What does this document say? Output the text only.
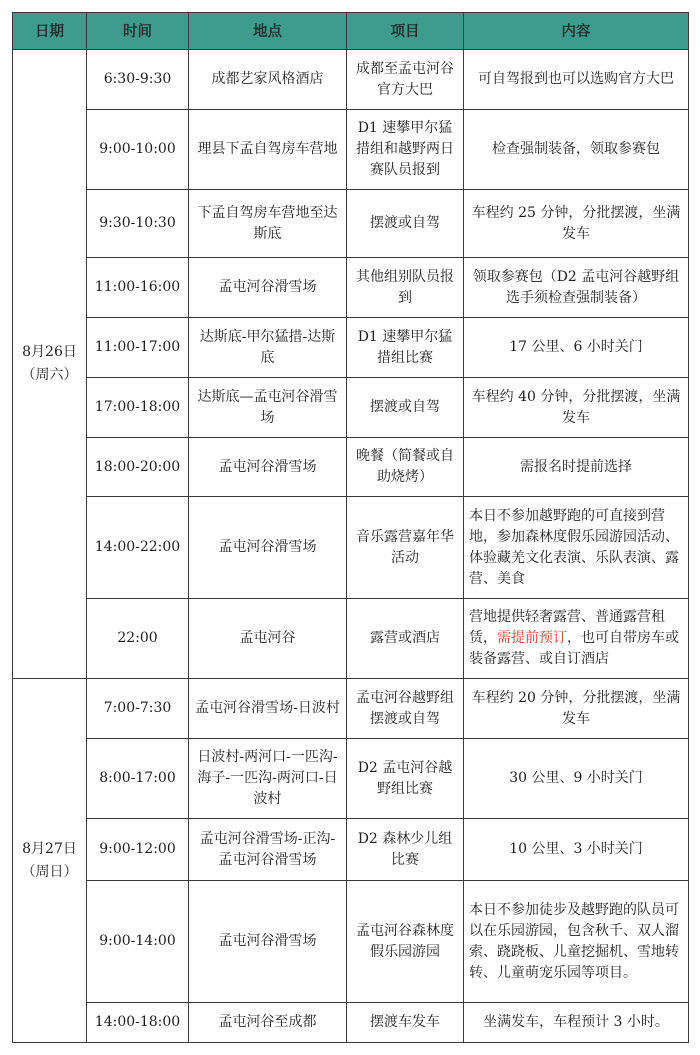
日期	时间	地点	项目	内容
8月26日（周六）	6:30-9:30	成都艺家风格酒店	成都至孟屯河谷官方大巴	可自驾报到也可以选购官方大巴
	9:00-10:00	理县下孟自驾房车营地	D1 速攀甲尔猛措组和越野两日赛队员报到	检查强制装备，领取参赛包
	9:30-10:30	下孟自驾房车营地至达斯底	摆渡或自驾	车程约 25 分钟，分批摆渡，坐满发车
	11:00-16:00	孟屯河谷滑雪场	其他组别队员报到	领取参赛包（D2 孟屯河谷越野组选手须检查强制装备）
	11:00-17:00	达斯底-甲尔猛措-达斯底	D1 速攀甲尔猛措组比赛	17 公里、6 小时关门
	17:00-18:00	达斯底—孟屯河谷滑雪场	摆渡或自驾	车程约 40 分钟，分批摆渡，坐满发车
	18:00-20:00	孟屯河谷滑雪场	晚餐（简餐或自助烧烤）	需报名时提前选择
	14:00-22:00	孟屯河谷滑雪场	音乐露营嘉年华活动	本日不参加越野跑的可直接到营地，参加森林度假乐园游园活动、体验藏羌文化表演、乐队表演、露营、美食
	22:00	孟屯河谷	露营或酒店	营地提供轻奢露营、普通露营租赁，需提前预订，也可自带房车或装备露营、或自订酒店
8月27日（周日）	7:00-7:30	孟屯河谷滑雪场-日波村	孟屯河谷越野组摆渡或自驾	车程约 20 分钟，分批摆渡，坐满发车
	8:00-17:00	日波村-两河口-一匹沟-海子-一匹沟-两河口-日波村	D2 孟屯河谷越野组比赛	30 公里、9 小时关门
	9:00-12:00	孟屯河谷滑雪场-正沟-孟屯河谷滑雪场	D2 森林少儿组比赛	10 公里、3 小时关门
	9:00-14:00	孟屯河谷滑雪场	孟屯河谷森林度假乐园游园	本日不参加徒步及越野跑的队员可以在乐园游园，包含秋千、双人溜索、跷跷板、儿童挖掘机、雪地转转、儿童萌宠乐园等项目。
	14:00-18:00	孟屯河谷至成都	摆渡车发车	坐满发车，车程预计 3 小时。
